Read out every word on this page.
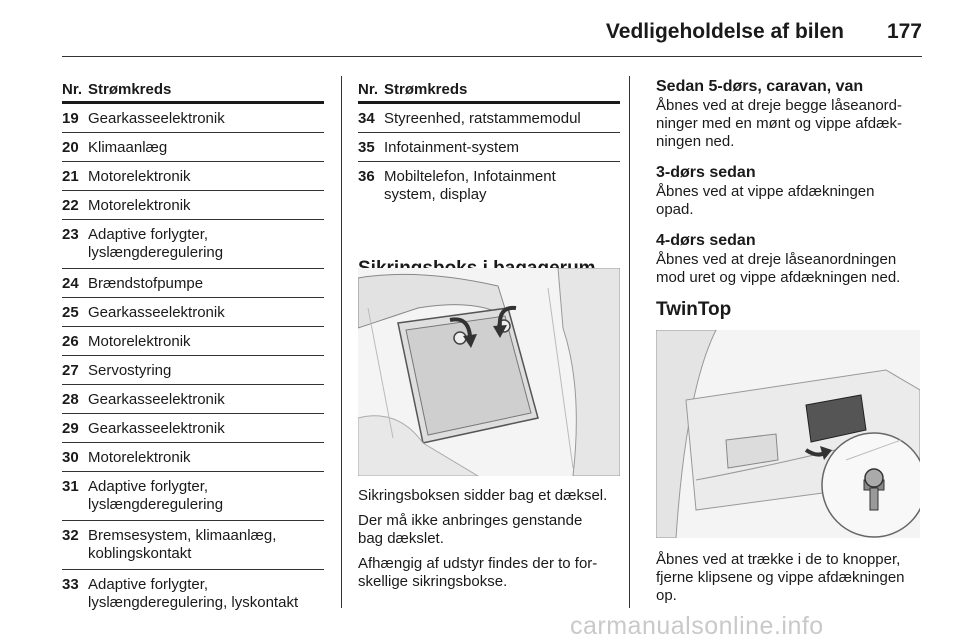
Vedligeholdelse af bilen 177
Nr. Strømkreds
19 Gearkasseelektronik
20 Klimaanlæg
21 Motorelektronik
22 Motorelektronik
23 Adaptive forlygter,
lyslængderegulering
24 Brændstofpumpe
25 Gearkasseelektronik
26 Motorelektronik
27 Servostyring
28 Gearkasseelektronik
29 Gearkasseelektronik
30 Motorelektronik
31 Adaptive forlygter,
lyslængderegulering
32 Bremsesystem, klimaanlæg,
koblingskontakt
33 Adaptive forlygter,
lyslængderegulering, lyskontakt
Nr. Strømkreds
34 Styreenhed, ratstammemodul
35 Infotainment-system
36 Mobiltelefon, Infotainment
system, display
Sikringsboksen sidder bag et dæksel.
Der må ikke anbringes genstande
bag dækslet.
Afhængig af udstyr findes der to for-
skellige sikringsbokse.
Sedan 5-dørs, caravan, van
Åbnes ved at dreje begge låseanord-
ninger med en mønt og vippe afdæk-
ningen ned.
3-dørs sedan
Åbnes ved at vippe afdækningen
opad.
4-dørs sedan
Åbnes ved at dreje låseanordningen
mod uret og vippe afdækningen ned.
TwinTop
Åbnes ved at trække i de to knopper,
fjerne klipsene og vippe afdækningen
op.
carmanualsonline.info
